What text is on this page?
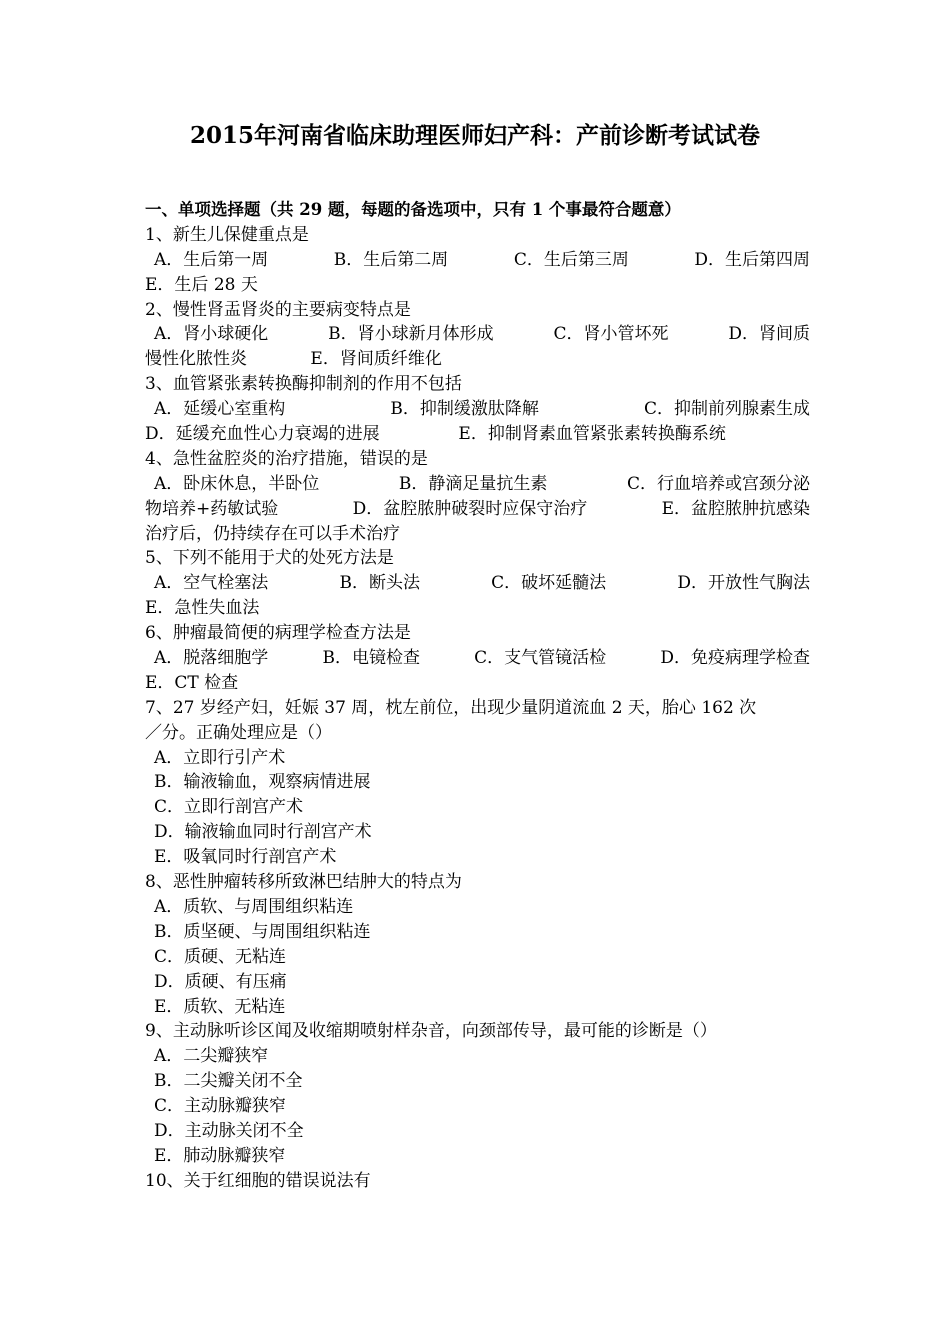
2015年河南省临床助理医师妇产科：产前诊断考试试卷
一、单项选择题（共 29 题，每题的备选项中，只有 1 个事最符合题意）
1、新生儿保健重点是
A．生后第一周	B．生后第二周	C．生后第三周	D．生后第四周
E．生后 28 天
2、慢性肾盂肾炎的主要病变特点是
A．肾小球硬化	B．肾小球新月体形成	C．肾小管坏死	D．肾间质
慢性化脓性炎	E．肾间质纤维化
3、血管紧张素转换酶抑制剂的作用不包括
A．延缓心室重构	B．抑制缓激肽降解	C．抑制前列腺素生成
D．延缓充血性心力衰竭的进展	E．抑制肾素血管紧张素转换酶系统
4、急性盆腔炎的治疗措施，错误的是
A．卧床休息，半卧位	B．静滴足量抗生素	C．行血培养或宫颈分泌
物培养+药敏试验	D．盆腔脓肿破裂时应保守治疗	E．盆腔脓肿抗感染
治疗后，仍持续存在可以手术治疗
5、下列不能用于犬的处死方法是
A．空气栓塞法	B．断头法	C．破坏延髓法	D．开放性气胸法
E．急性失血法
6、肿瘤最简便的病理学检查方法是
A．脱落细胞学	B．电镜检查	C．支气管镜活检	D．免疫病理学检查
E．CT 检查
7、27 岁经产妇，妊娠 37 周，枕左前位，出现少量阴道流血 2 天，胎心 162 次
／分。正确处理应是（）
A．立即行引产术
B．输液输血，观察病情进展
C．立即行剖宫产术
D．输液输血同时行剖宫产术
E．吸氧同时行剖宫产术
8、恶性肿瘤转移所致淋巴结肿大的特点为
A．质软、与周围组织粘连
B．质坚硬、与周围组织粘连
C．质硬、无粘连
D．质硬、有压痛
E．质软、无粘连
9、主动脉听诊区闻及收缩期喷射样杂音，向颈部传导，最可能的诊断是（）
A．二尖瓣狭窄
B．二尖瓣关闭不全
C．主动脉瓣狭窄
D．主动脉关闭不全
E．肺动脉瓣狭窄
10、关于红细胞的错误说法有
